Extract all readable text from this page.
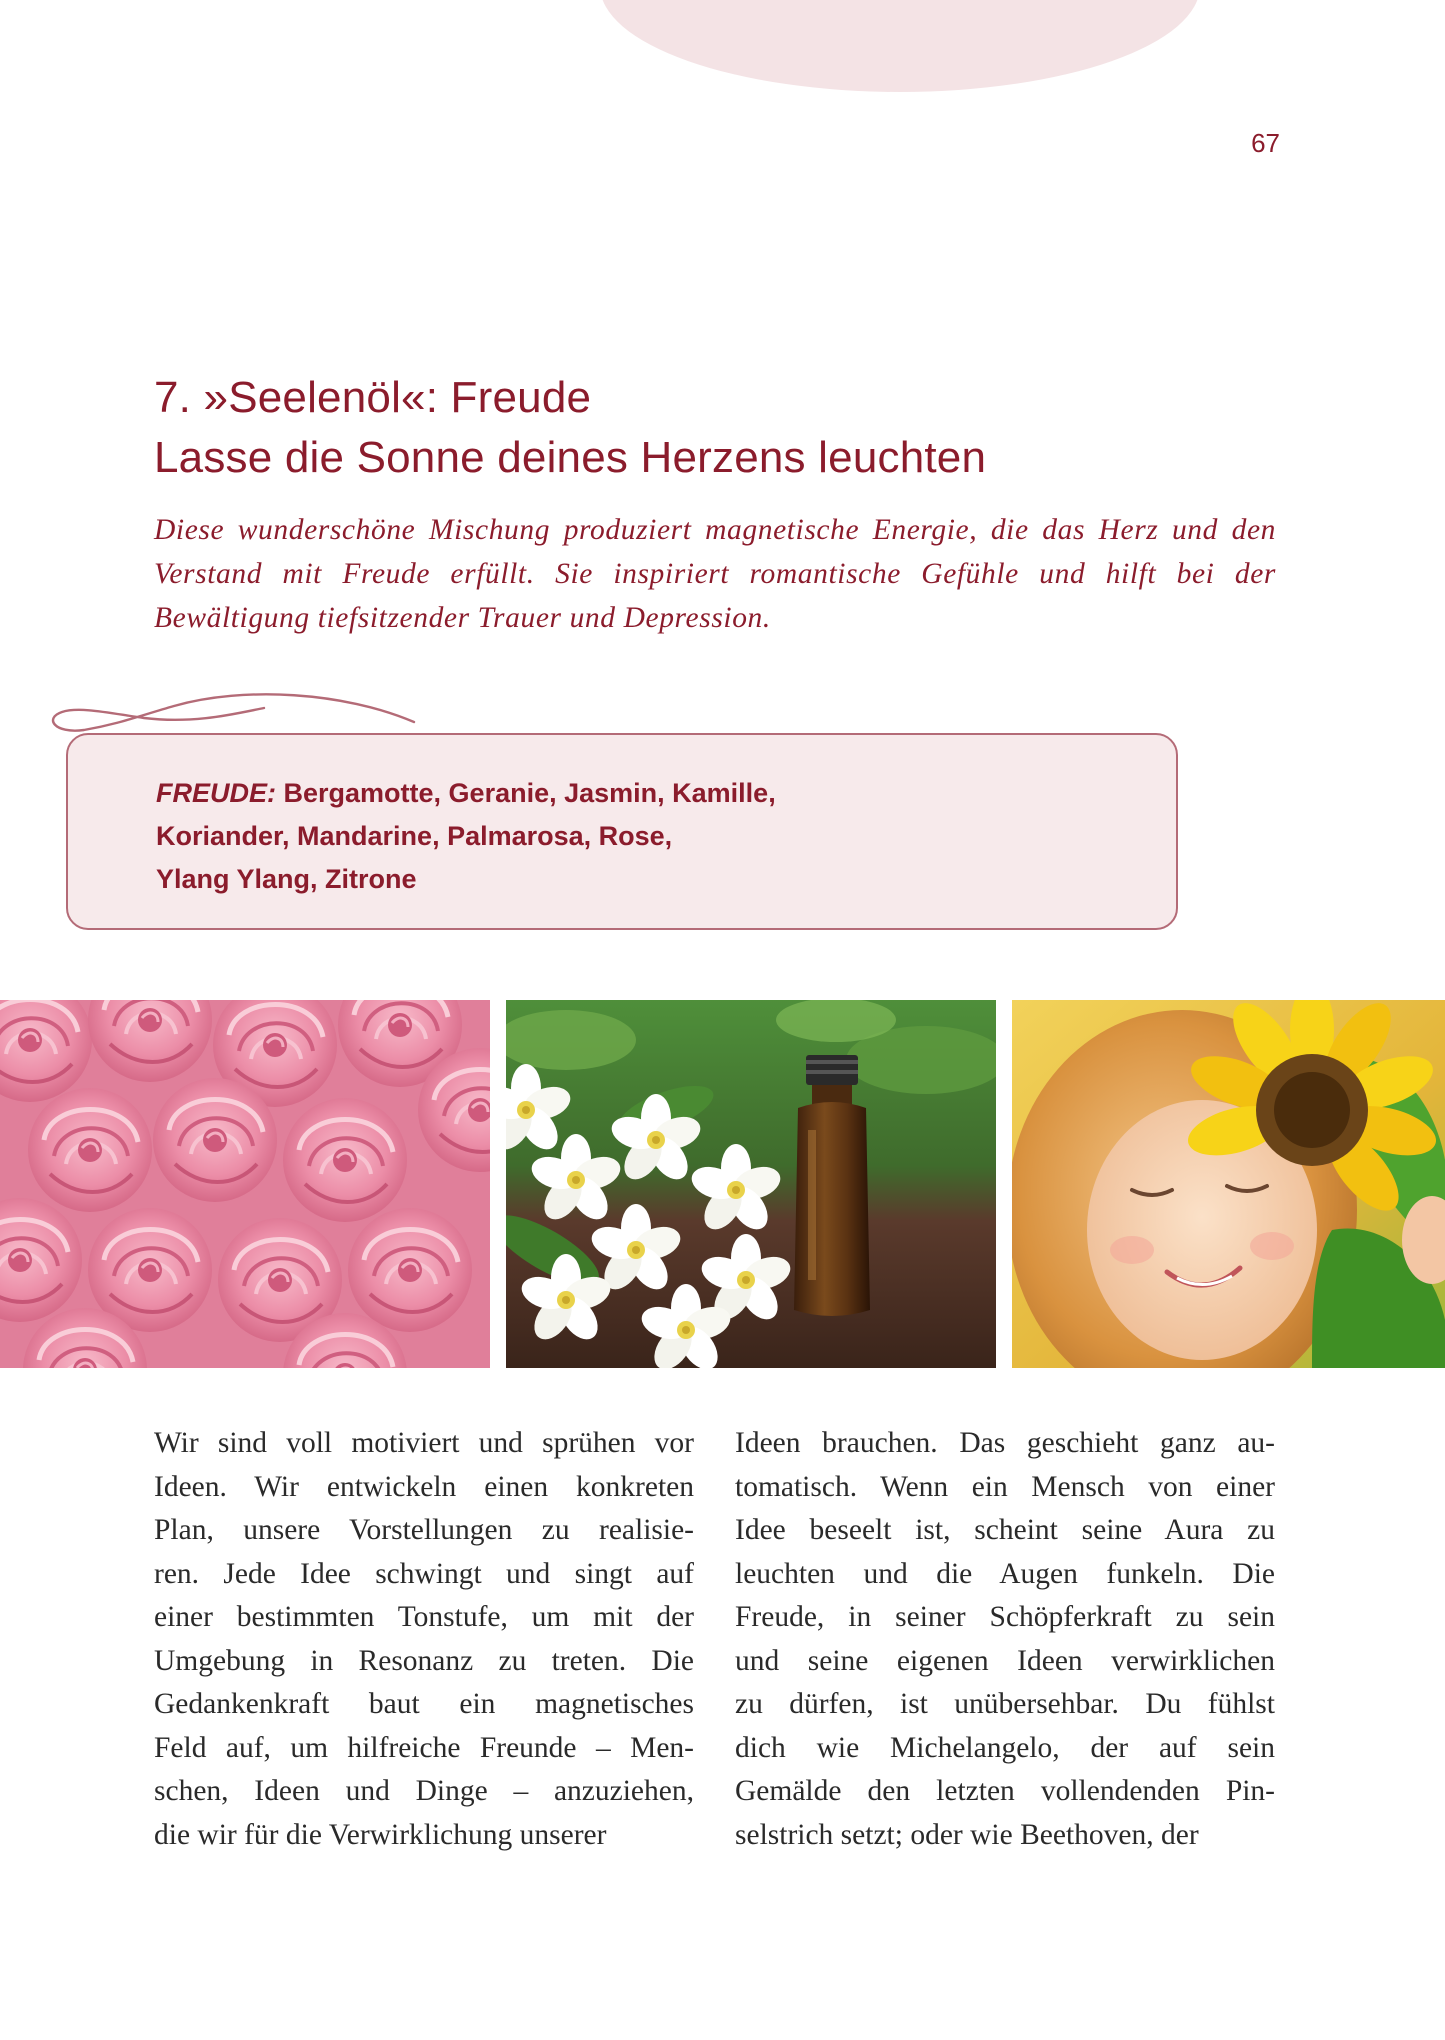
67
7. »Seelenöl«: Freude
Lasse die Sonne deines Herzens leuchten

Diese wunderschöne Mischung produziert magnetische Energie, die das Herz und den Verstand mit Freude erfüllt. Sie inspiriert romantische Gefühle und hilft bei der Bewältigung tiefsitzender Trauer und Depression.

FREUDE: Bergamotte, Geranie, Jasmin, Kamille,
Koriander, Mandarine, Palmarosa, Rose,
Ylang Ylang, Zitrone

Wir sind voll motiviert und sprühen vor
Ideen. Wir entwickeln einen konkreten
Plan, unsere Vorstellungen zu realisie-
ren. Jede Idee schwingt und singt auf
einer bestimmten Tonstufe, um mit der
Umgebung in Resonanz zu treten. Die
Gedankenkraft baut ein magnetisches
Feld auf, um hilfreiche Freunde – Men-
schen, Ideen und Dinge – anzuziehen,
die wir für die Verwirklichung unserer

Ideen brauchen. Das geschieht ganz au-
tomatisch. Wenn ein Mensch von einer
Idee beseelt ist, scheint seine Aura zu
leuchten und die Augen funkeln. Die
Freude, in seiner Schöpferkraft zu sein
und seine eigenen Ideen verwirklichen
zu dürfen, ist unübersehbar. Du fühlst
dich wie Michelangelo, der auf sein
Gemälde den letzten vollendenden Pin-
selstrich setzt; oder wie Beethoven, der
